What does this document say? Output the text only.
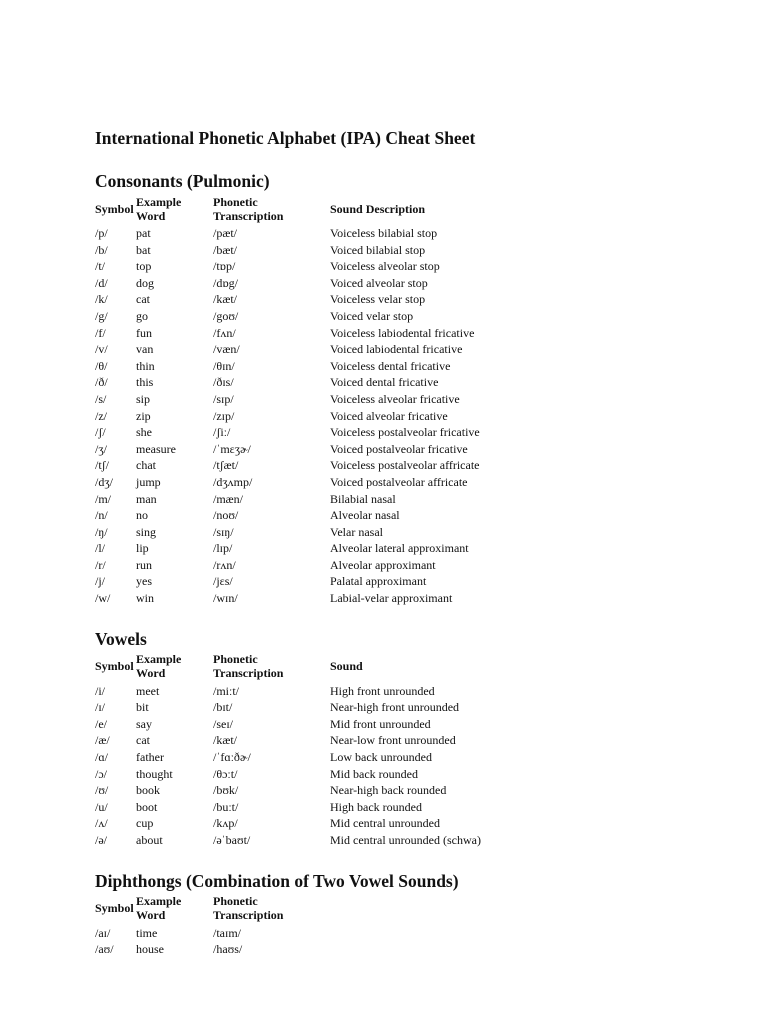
International Phonetic Alphabet (IPA) Cheat Sheet
Consonants (Pulmonic)
Symbol	Example Word	Phonetic Transcription	Sound Description
/p/	pat	/pæt/	Voiceless bilabial stop
/b/	bat	/bæt/	Voiced bilabial stop
/t/	top	/tɒp/	Voiceless alveolar stop
/d/	dog	/dɒg/	Voiced alveolar stop
/k/	cat	/kæt/	Voiceless velar stop
/g/	go	/goʊ/	Voiced velar stop
/f/	fun	/fʌn/	Voiceless labiodental fricative
/v/	van	/væn/	Voiced labiodental fricative
/θ/	thin	/θɪn/	Voiceless dental fricative
/ð/	this	/ðɪs/	Voiced dental fricative
/s/	sip	/sɪp/	Voiceless alveolar fricative
/z/	zip	/zɪp/	Voiced alveolar fricative
/ʃ/	she	/ʃiː/	Voiceless postalveolar fricative
/ʒ/	measure	/ˈmɛʒɚ/	Voiced postalveolar fricative
/tʃ/	chat	/tʃæt/	Voiceless postalveolar affricate
/dʒ/	jump	/dʒʌmp/	Voiced postalveolar affricate
/m/	man	/mæn/	Bilabial nasal
/n/	no	/noʊ/	Alveolar nasal
/ŋ/	sing	/sɪŋ/	Velar nasal
/l/	lip	/lɪp/	Alveolar lateral approximant
/r/	run	/rʌn/	Alveolar approximant
/j/	yes	/jɛs/	Palatal approximant
/w/	win	/wɪn/	Labial-velar approximant
Vowels
Symbol	Example Word	Phonetic Transcription	Sound
/i/	meet	/miːt/	High front unrounded
/ɪ/	bit	/bɪt/	Near-high front unrounded
/e/	say	/seɪ/	Mid front unrounded
/æ/	cat	/kæt/	Near-low front unrounded
/ɑ/	father	/ˈfɑːðɚ/	Low back unrounded
/ɔ/	thought	/θɔːt/	Mid back rounded
/ʊ/	book	/bʊk/	Near-high back rounded
/u/	boot	/buːt/	High back rounded
/ʌ/	cup	/kʌp/	Mid central unrounded
/ə/	about	/əˈbaʊt/	Mid central unrounded (schwa)
Diphthongs (Combination of Two Vowel Sounds)
Symbol	Example Word	Phonetic Transcription
/aɪ/	time	/taɪm/
/aʊ/	house	/haʊs/
